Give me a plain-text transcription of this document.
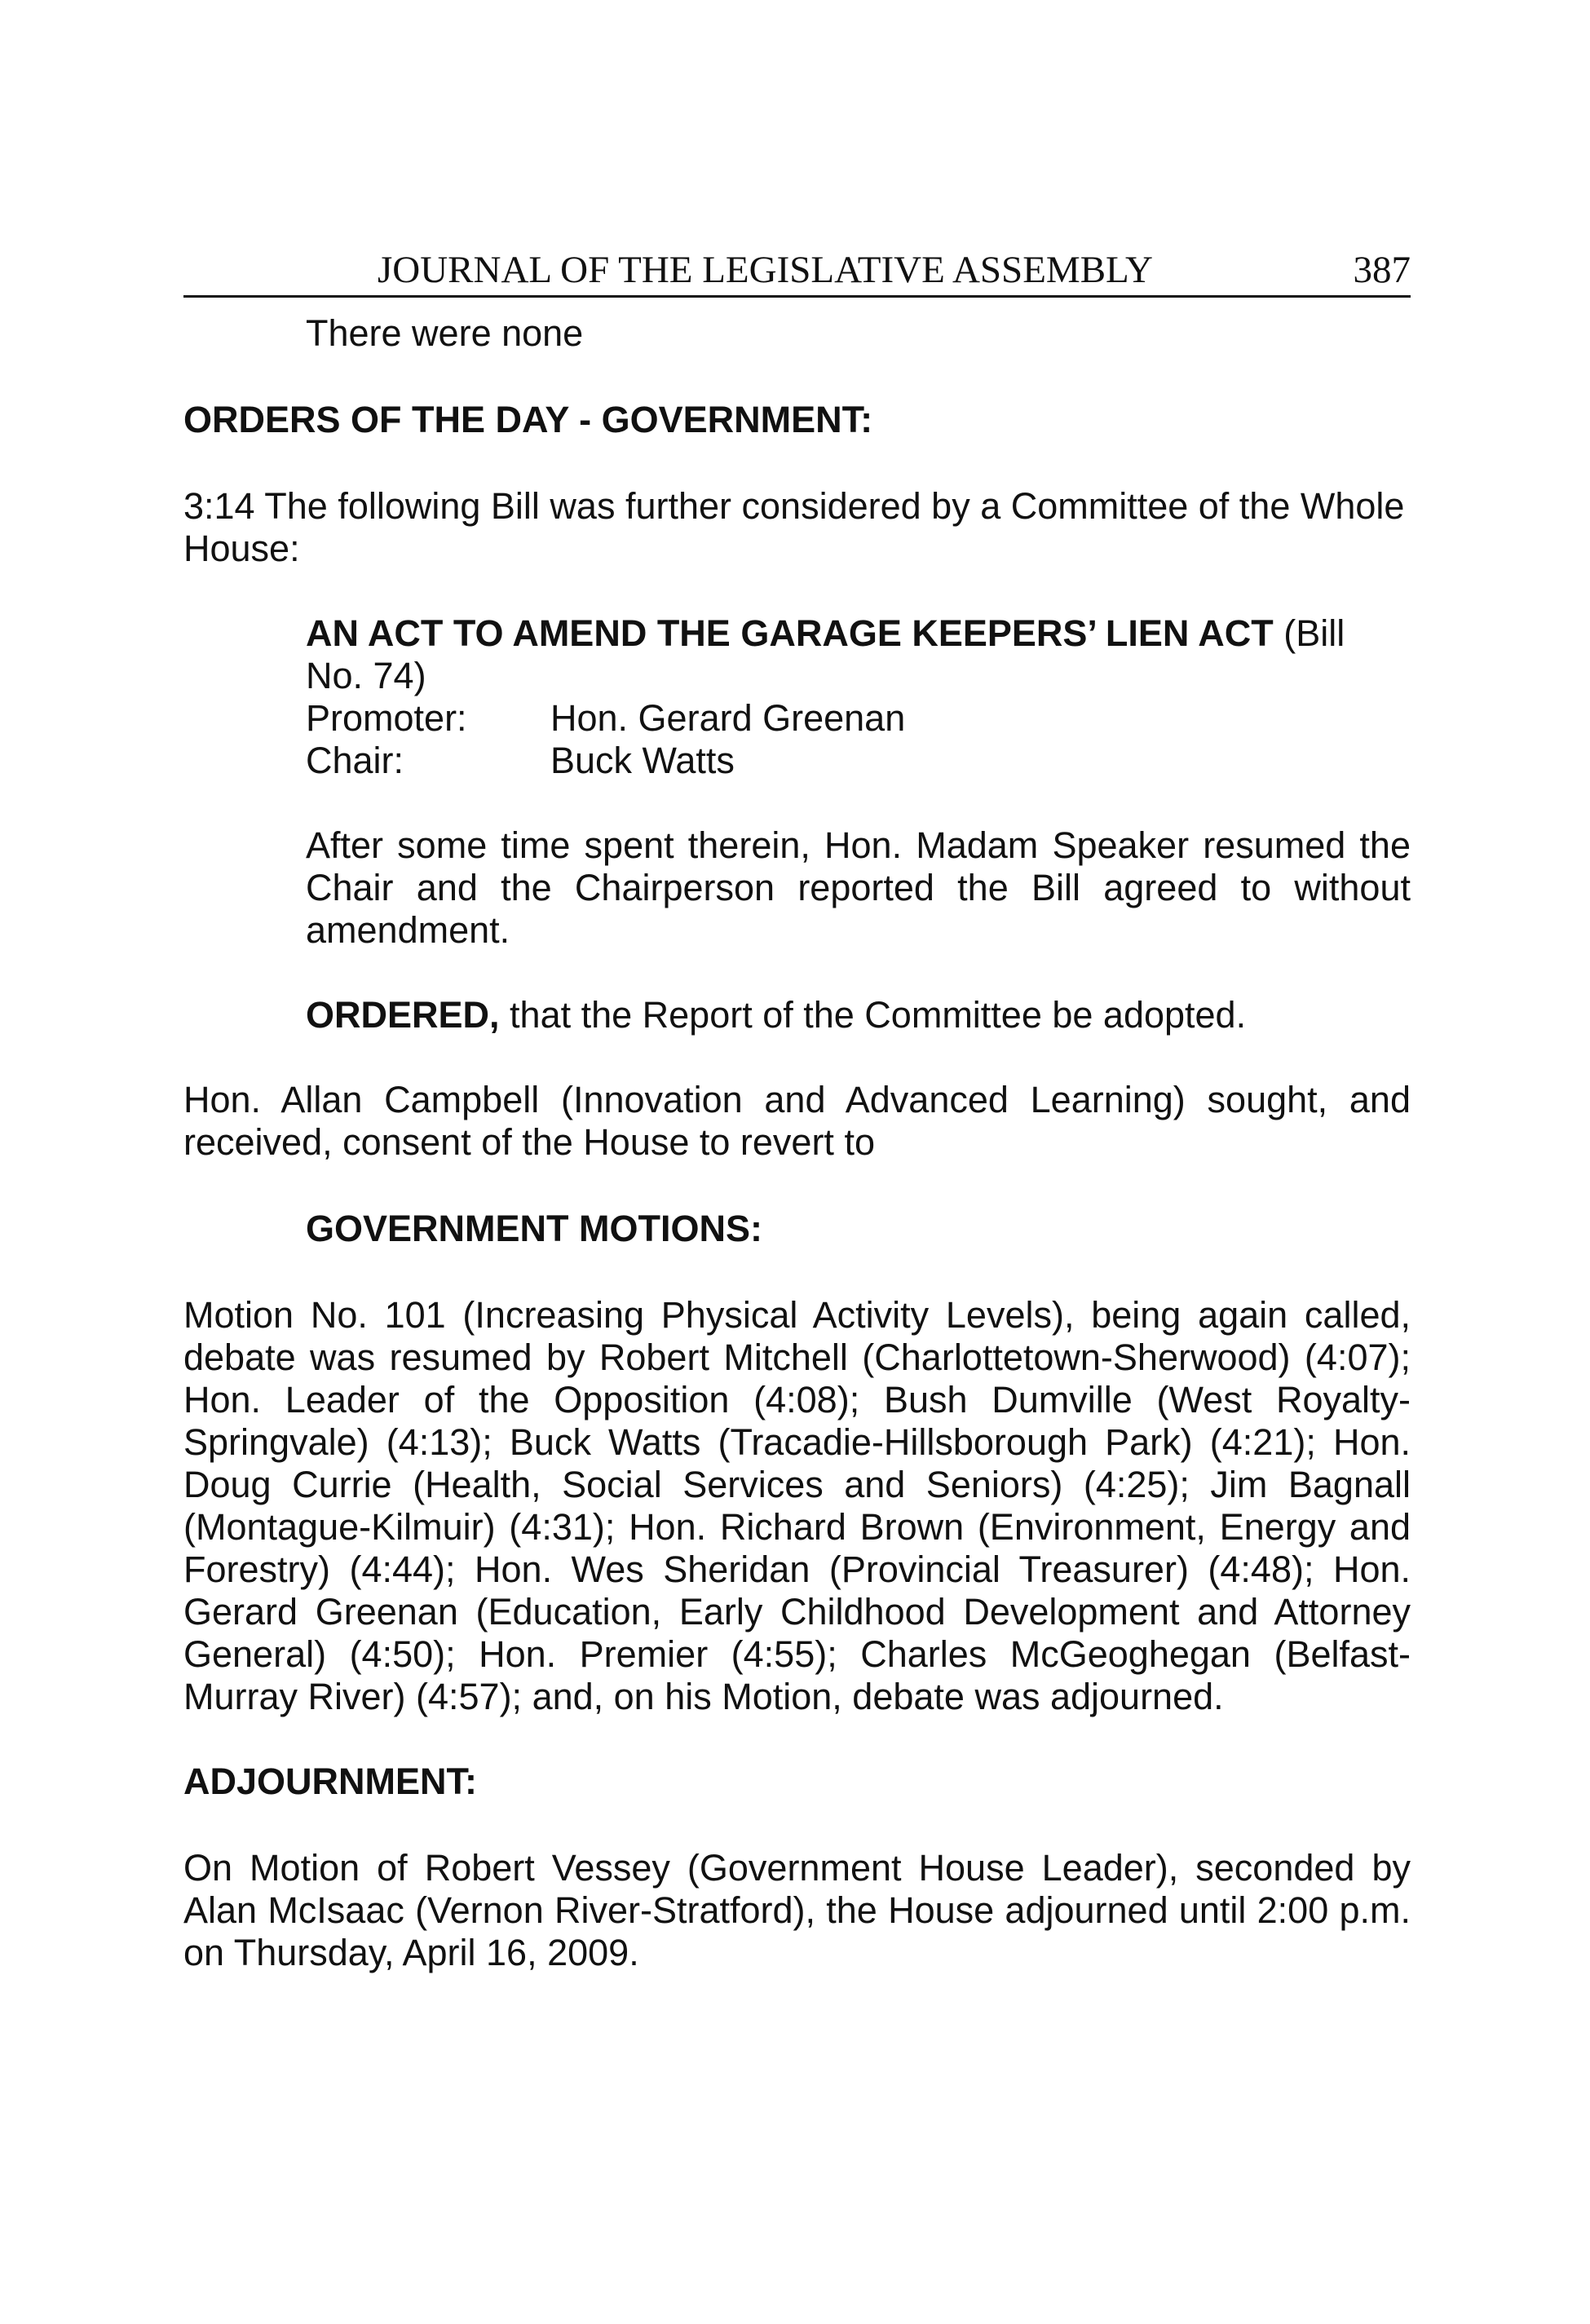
JOURNAL OF THE LEGISLATIVE ASSEMBLY	387

There were none

ORDERS OF THE DAY - GOVERNMENT:

3:14 The following Bill was further considered by a Committee of the Whole House:

AN ACT TO AMEND THE GARAGE KEEPERS’ LIEN ACT (Bill No. 74)

Promoter:	Hon. Gerard Greenan
Chair:	Buck Watts

After some time spent therein, Hon. Madam Speaker resumed the Chair and the Chairperson reported the Bill agreed to without amendment.

ORDERED, that the Report of the Committee be adopted.

Hon. Allan Campbell (Innovation and Advanced Learning) sought, and received, consent of the House to revert to

GOVERNMENT MOTIONS:

Motion No. 101 (Increasing Physical Activity Levels), being again called, debate was resumed by Robert Mitchell (Charlottetown-Sherwood) (4:07); Hon. Leader of the Opposition (4:08); Bush Dumville (West Royalty-Springvale) (4:13); Buck Watts (Tracadie-Hillsborough Park) (4:21); Hon. Doug Currie (Health, Social Services and Seniors) (4:25); Jim Bagnall (Montague-Kilmuir) (4:31); Hon. Richard Brown (Environment, Energy and Forestry) (4:44); Hon. Wes Sheridan (Provincial Treasurer) (4:48); Hon. Gerard Greenan (Education, Early Childhood Development and Attorney General) (4:50); Hon. Premier (4:55); Charles McGeoghegan (Belfast-Murray River) (4:57); and, on his Motion, debate was adjourned.

ADJOURNMENT:

On Motion of Robert Vessey (Government House Leader), seconded by Alan McIsaac (Vernon River-Stratford), the House adjourned until 2:00 p.m. on Thursday, April 16, 2009.
